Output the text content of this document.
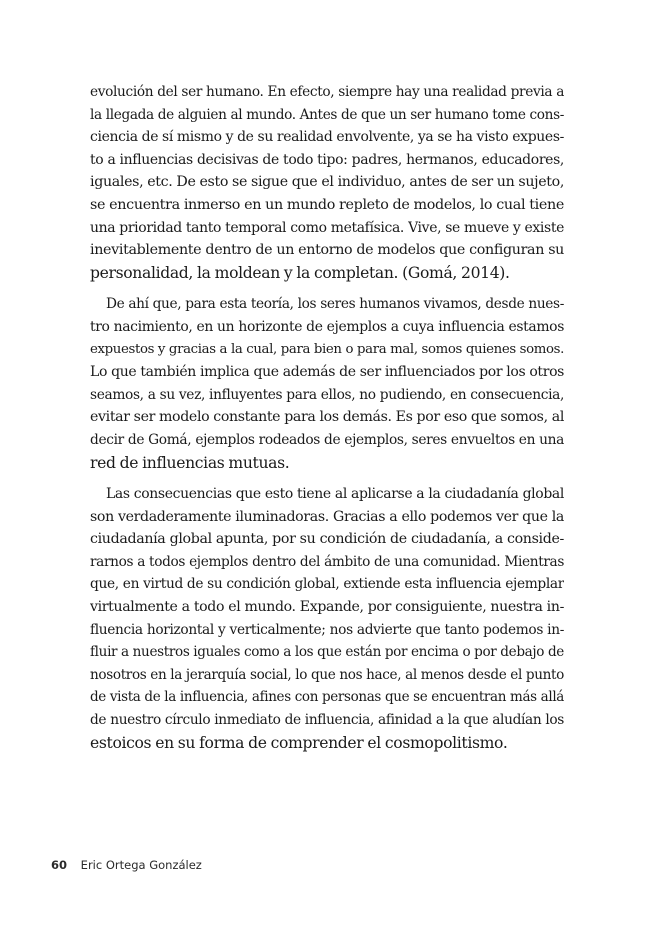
evolución del ser humano. En efecto, siempre hay una realidad previa a
la llegada de alguien al mundo. Antes de que un ser humano tome cons-
ciencia de sí mismo y de su realidad envolvente, ya se ha visto expues-
to a influencias decisivas de todo tipo: padres, hermanos, educadores,
iguales, etc. De esto se sigue que el individuo, antes de ser un sujeto,
se encuentra inmerso en un mundo repleto de modelos, lo cual tiene
una prioridad tanto temporal como metafísica. Vive, se mueve y existe
inevitablemente dentro de un entorno de modelos que configuran su
personalidad, la moldean y la completan. (Gomá, 2014).
De ahí que, para esta teoría, los seres humanos vivamos, desde nues-
tro nacimiento, en un horizonte de ejemplos a cuya influencia estamos
expuestos y gracias a la cual, para bien o para mal, somos quienes somos.
Lo que también implica que además de ser influenciados por los otros
seamos, a su vez, influyentes para ellos, no pudiendo, en consecuencia,
evitar ser modelo constante para los demás. Es por eso que somos, al
decir de Gomá, ejemplos rodeados de ejemplos, seres envueltos en una
red de influencias mutuas.
Las consecuencias que esto tiene al aplicarse a la ciudadanía global
son verdaderamente iluminadoras. Gracias a ello podemos ver que la
ciudadanía global apunta, por su condición de ciudadanía, a conside-
rarnos a todos ejemplos dentro del ámbito de una comunidad. Mientras
que, en virtud de su condición global, extiende esta influencia ejemplar
virtualmente a todo el mundo. Expande, por consiguiente, nuestra in-
fluencia horizontal y verticalmente; nos advierte que tanto podemos in-
fluir a nuestros iguales como a los que están por encima o por debajo de
nosotros en la jerarquía social, lo que nos hace, al menos desde el punto
de vista de la influencia, afines con personas que se encuentran más allá
de nuestro círculo inmediato de influencia, afinidad a la que aludían los
estoicos en su forma de comprender el cosmopolitismo.
60 Eric Ortega González
